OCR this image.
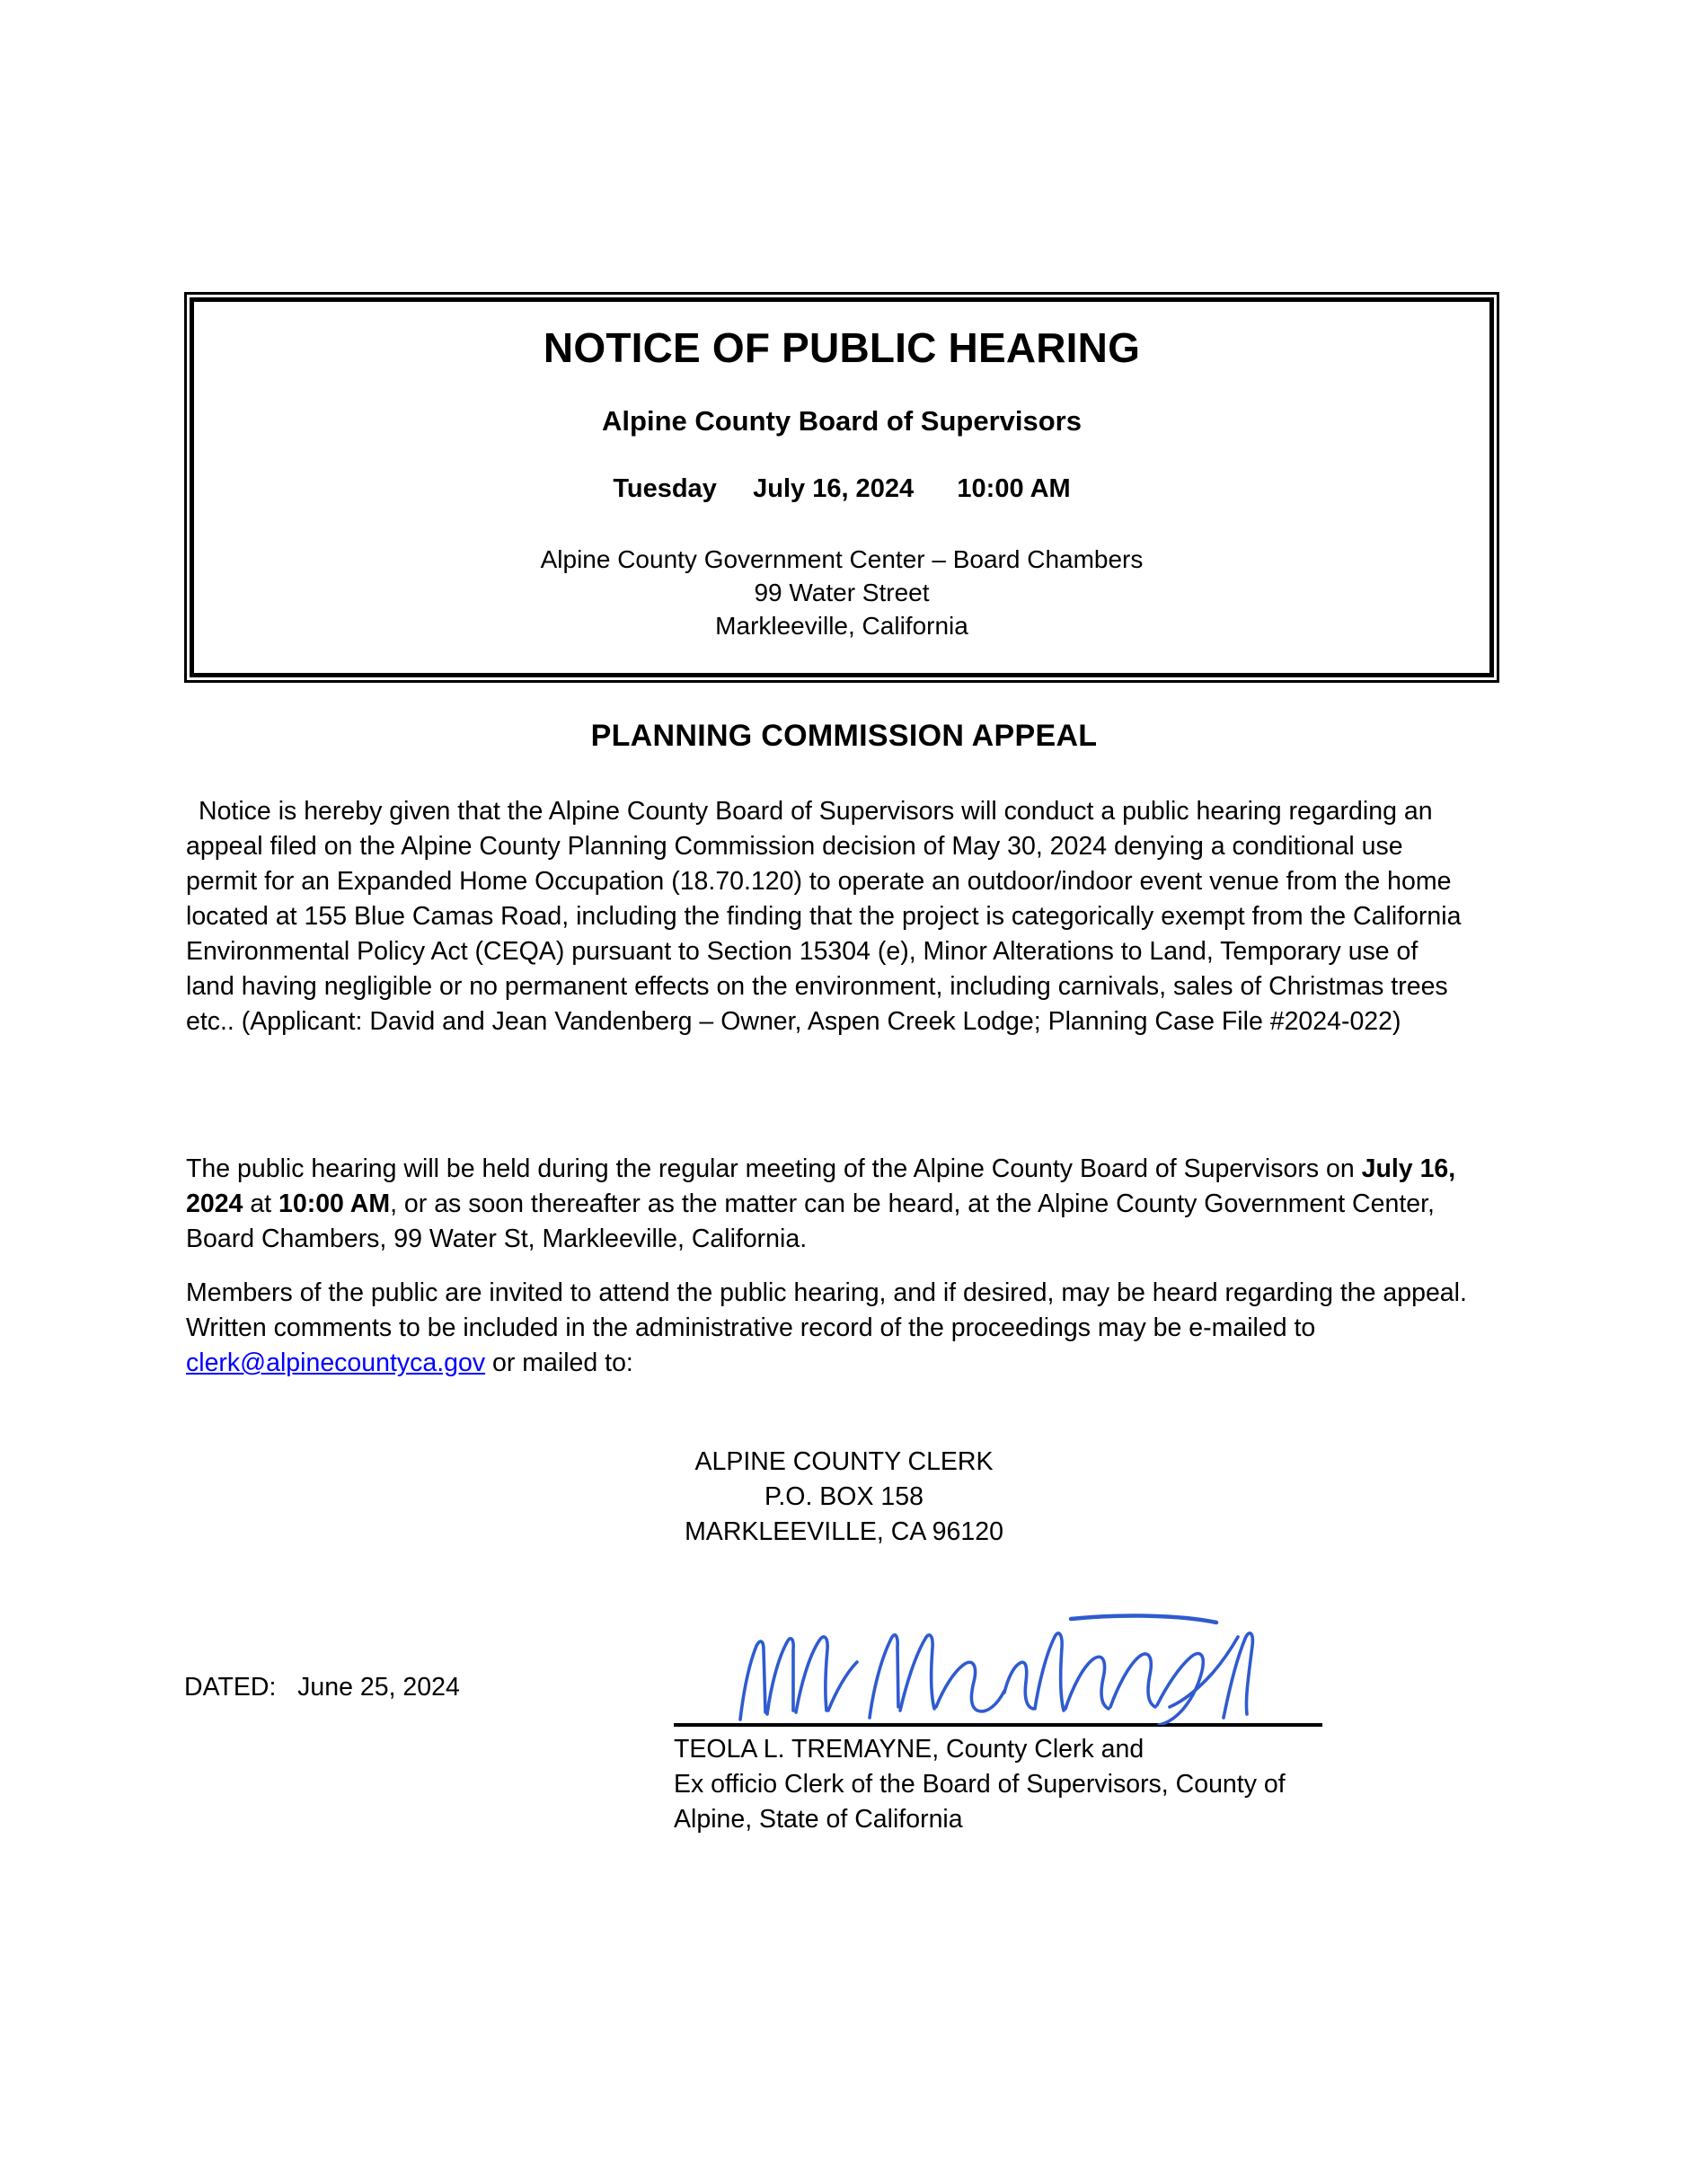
NOTICE OF PUBLIC HEARING
Alpine County Board of Supervisors
Tuesday     July 16, 2024      10:00 AM
Alpine County Government Center – Board Chambers
99 Water Street
Markleeville, California
PLANNING COMMISSION APPEAL

Notice is hereby given that the Alpine County Board of Supervisors will conduct a public hearing regarding an appeal filed on the Alpine County Planning Commission decision of May 30, 2024 denying a conditional use permit for an Expanded Home Occupation (18.70.120) to operate an outdoor/indoor event venue from the home located at 155 Blue Camas Road, including the finding that the project is categorically exempt from the California Environmental Policy Act (CEQA) pursuant to Section 15304 (e), Minor Alterations to Land, Temporary use of land having negligible or no permanent effects on the environment, including carnivals, sales of Christmas trees etc.. (Applicant: David and Jean Vandenberg – Owner, Aspen Creek Lodge; Planning Case File #2024-022)

The public hearing will be held during the regular meeting of the Alpine County Board of Supervisors on July 16, 2024 at 10:00 AM, or as soon thereafter as the matter can be heard, at the Alpine County Government Center, Board Chambers, 99 Water St, Markleeville, California.

Members of the public are invited to attend the public hearing, and if desired, may be heard regarding the appeal. Written comments to be included in the administrative record of the proceedings may be e-mailed to clerk@alpinecountyca.gov or mailed to:

ALPINE COUNTY CLERK
P.O. BOX 158
MARKLEEVILLE, CA 96120
DATED:   June 25, 2024
TEOLA L. TREMAYNE, County Clerk and
Ex officio Clerk of the Board of Supervisors, County of
Alpine, State of California
